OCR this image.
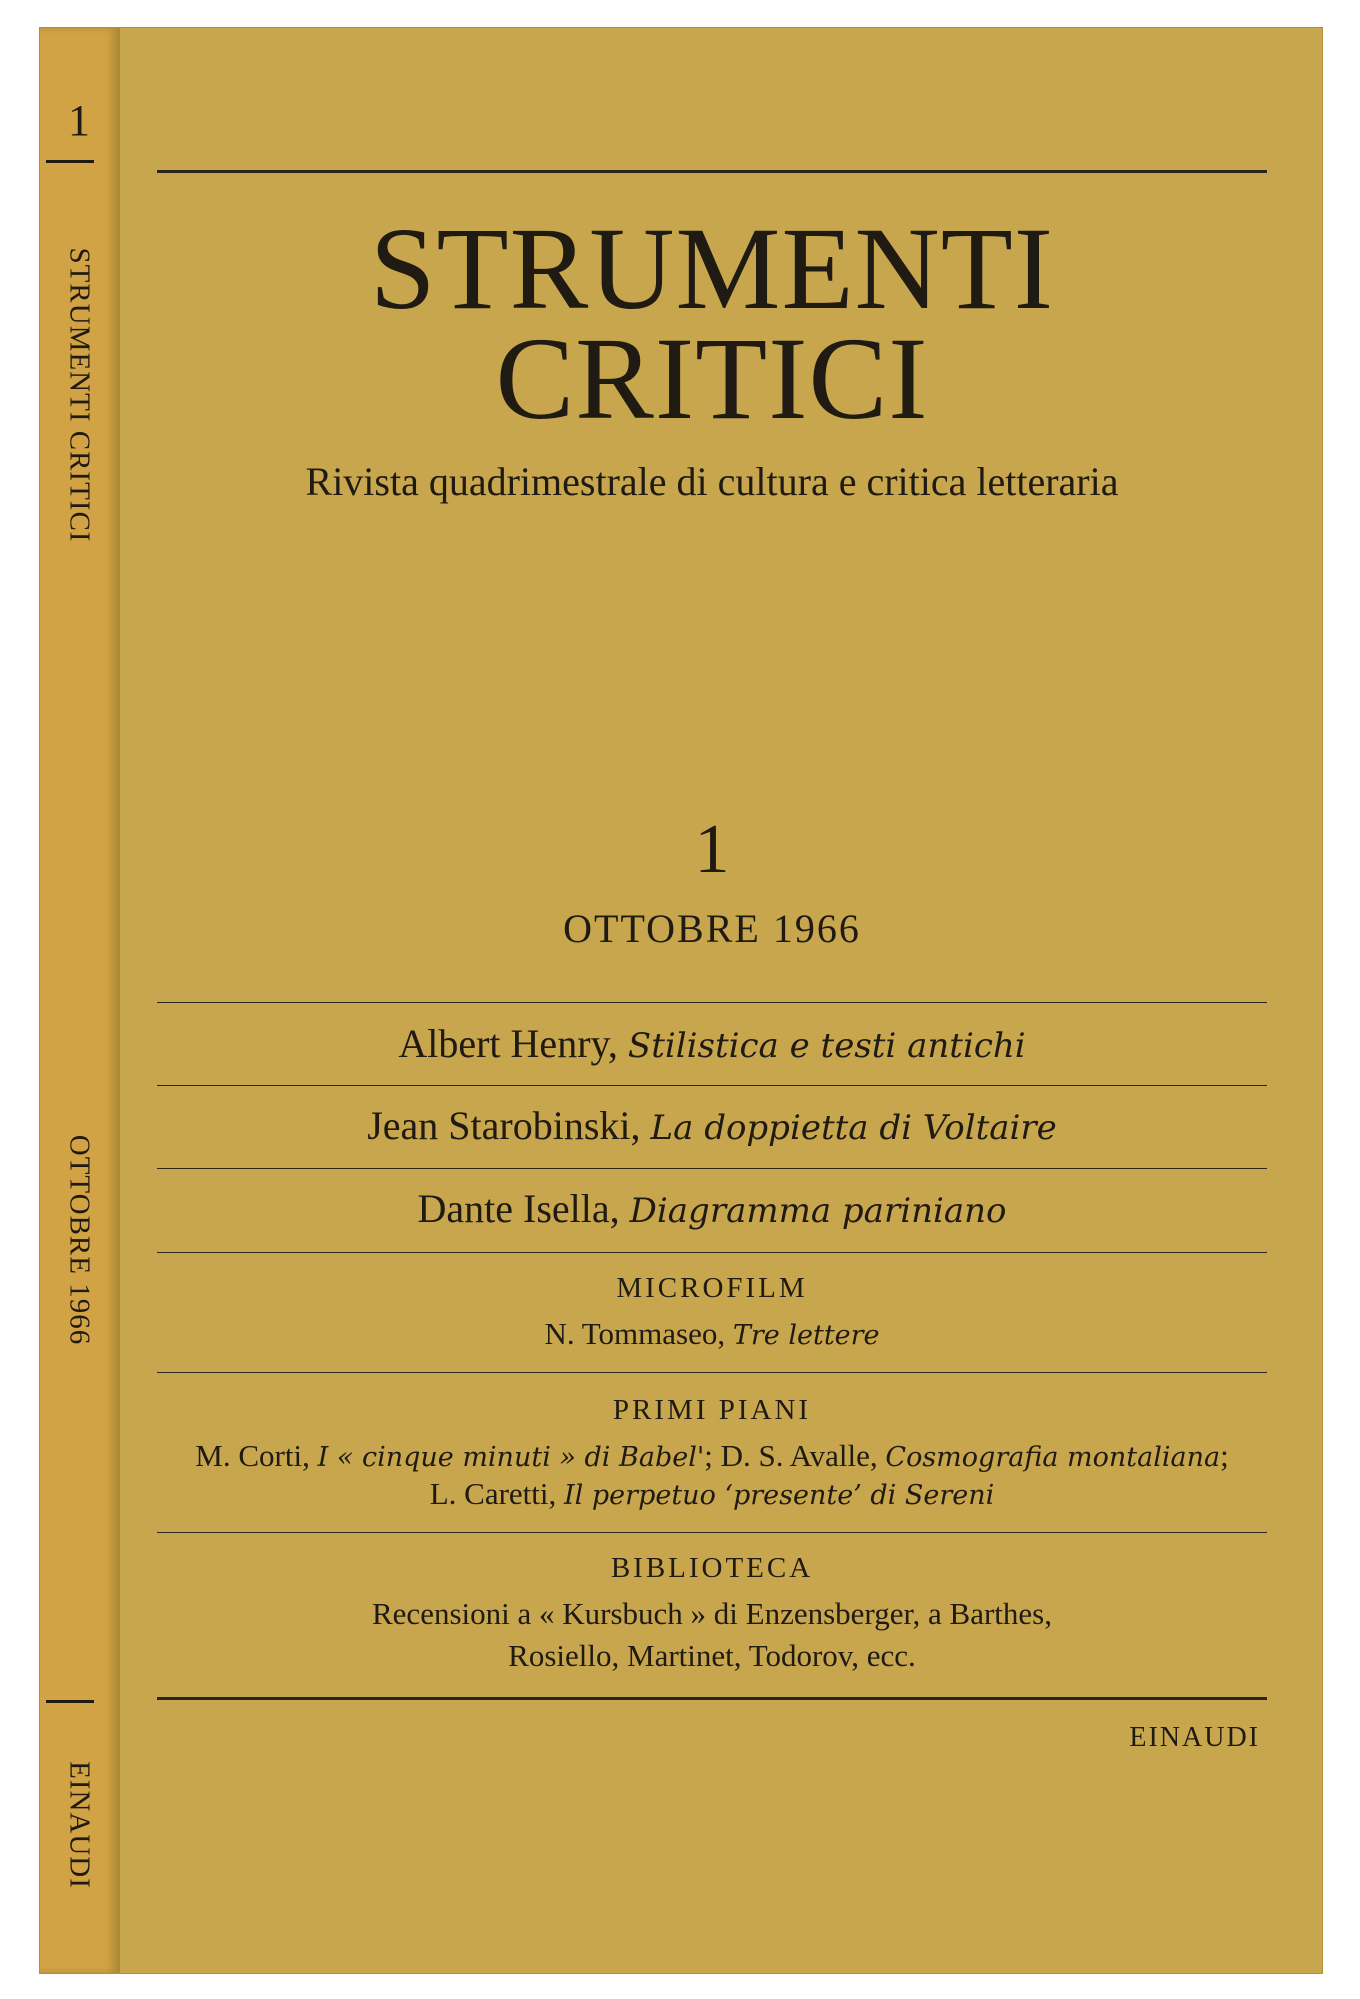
1
STRUMENTI CRITICI
OTTOBRE 1966
EINAUDI
STRUMENTI
CRITICI
Rivista quadrimestrale di cultura e critica letteraria
1
OTTOBRE 1966
Albert Henry, Stilistica e testi antichi
Jean Starobinski, La doppietta di Voltaire
Dante Isella, Diagramma pariniano
MICROFILM
N. Tommaseo, Tre lettere
PRIMI PIANI
M. Corti, I « cinque minuti » di Babel'; D. S. Avalle, Cosmografia montaliana;
L. Caretti, Il perpetuo ‘presente’ di Sereni
BIBLIOTECA
Recensioni a « Kursbuch » di Enzensberger, a Barthes,
Rosiello, Martinet, Todorov, ecc.
EINAUDI
